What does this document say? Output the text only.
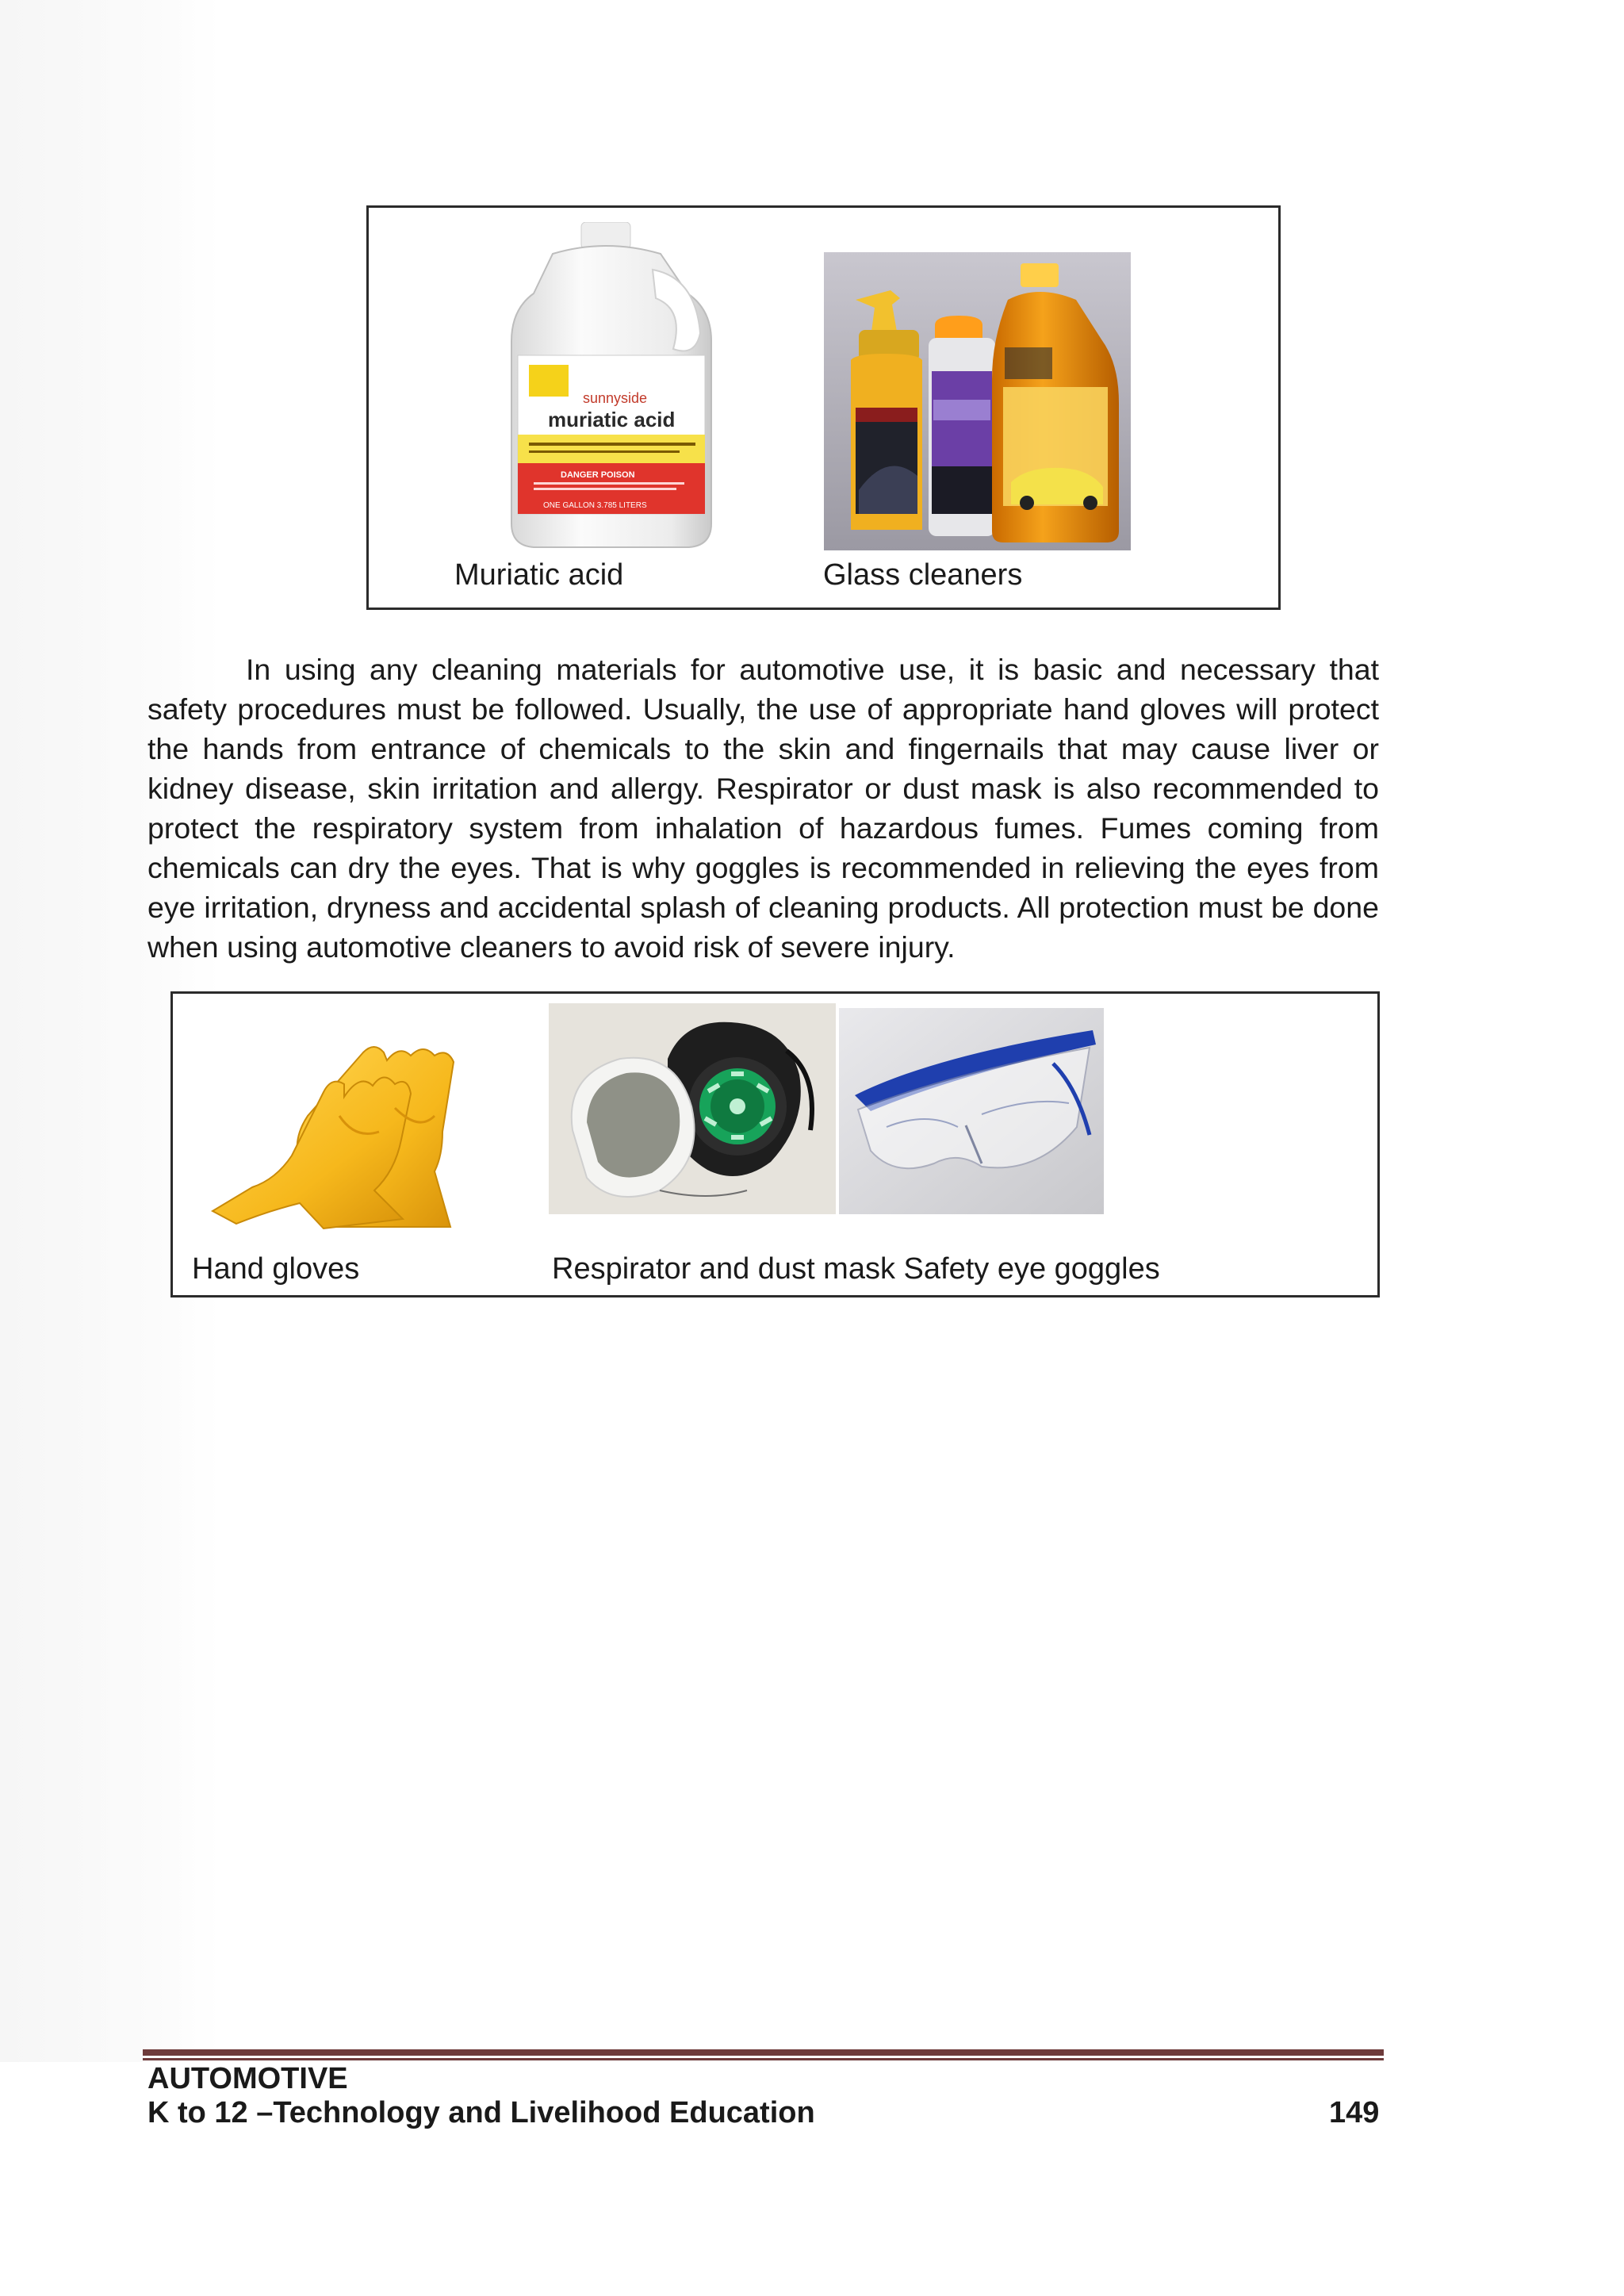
sunnyside
muriatic acid
DANGER POISON
ONE GALLON 3.785 LITERS
Muriatic acid	Glass cleaners

In using any cleaning materials for automotive use, it is basic and necessary that safety procedures must be followed. Usually, the use of appropriate hand gloves will protect the hands from entrance of chemicals to the skin and fingernails that may cause liver or kidney disease, skin irritation and allergy. Respirator or dust mask is also recommended to protect the respiratory system from inhalation of hazardous fumes. Fumes coming from chemicals can dry the eyes. That is why goggles is recommended in relieving the eyes from eye irritation, dryness and accidental splash of cleaning products. All protection must be done when using automotive cleaners to avoid risk of severe injury.

Hand gloves	Respirator and dust mask Safety eye goggles
AUTOMOTIVE
K to 12 –Technology and Livelihood Education	149
